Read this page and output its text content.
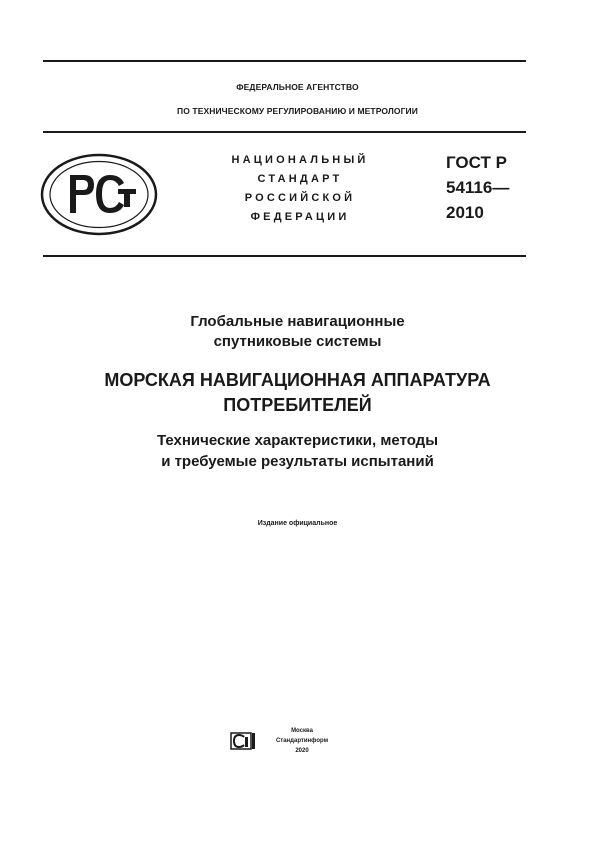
ФЕДЕРАЛЬНОЕ АГЕНТСТВО
ПО ТЕХНИЧЕСКОМУ РЕГУЛИРОВАНИЮ И МЕТРОЛОГИИ
НАЦИОНАЛЬНЫЙ
СТАНДАРТ
РОССИЙСКОЙ
ФЕДЕРАЦИИ
ГОСТ Р
54116—
2010
Глобальные навигационные
спутниковые системы
МОРСКАЯ НАВИГАЦИОННАЯ АППАРАТУРА
ПОТРЕБИТЕЛЕЙ
Технические характеристики, методы
и требуемые результаты испытаний
Издание официальное
Москва
Стандартинформ
2020
